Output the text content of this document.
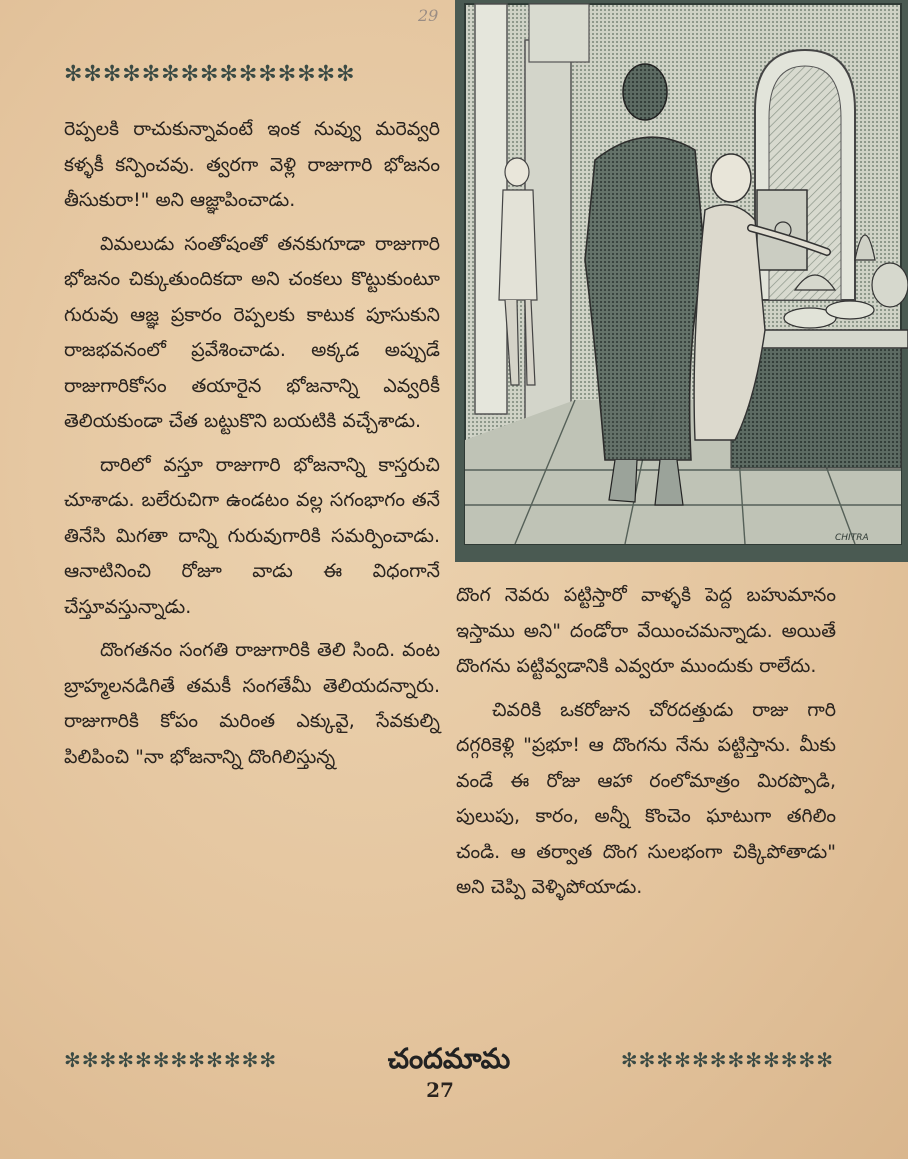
29
✻✻✻✻✻✻✻✻✻✻✻✻✻✻✻

రెప్పలకి రాచుకున్నావంటే ఇంక నువ్వు మరెవ్వరి కళ్ళకీ కన్పించవు. త్వరగా వెళ్లి రాజుగారి భోజనం తీసుకురా!" అని ఆజ్ఞాపించాడు.

విమలుడు సంతోషంతో తనకుగూడా రాజుగారి భోజనం చిక్కుతుందికదా అని చంకలు కొట్టుకుంటూ గురువు ఆజ్ఞ ప్రకారం రెప్పలకు కాటుక పూసుకుని రాజభవనంలో ప్రవేశించాడు. అక్కడ అప్పుడే రాజుగారికోసం తయారైన భోజనాన్ని ఎవ్వరికీ తెలియకుండా చేత బట్టుకొని బయటికి వచ్చేశాడు.

దారిలో వస్తూ రాజుగారి భోజనాన్ని కాస్తరుచి చూశాడు. బలేరుచిగా ఉండటం వల్ల సగంభాగం తనే తినేసి మిగతా దాన్ని గురువుగారికి సమర్పించాడు. ఆనాటినించి రోజూ వాడు ఈ విధంగానే చేస్తూవస్తున్నాడు.

దొంగతనం సంగతి రాజుగారికి తెలి సింది. వంట బ్రాహ్మలనడిగితే తమకీ సంగతేమీ తెలియదన్నారు. రాజుగారికి కోపం మరింత ఎక్కువై, సేవకుల్ని పిలిపించి "నా భోజనాన్ని దొంగిలిస్తున్న

CHITRA

దొంగ నెవరు పట్టిస్తారో వాళ్ళకి పెద్ద బహుమానం ఇస్తాము అని" దండోరా వేయించమన్నాడు. అయితే దొంగను పట్టివ్వడానికి ఎవ్వరూ ముందుకు రాలేదు.

చివరికి ఒకరోజున చోరదత్తుడు రాజు గారి దగ్గరికెళ్లి "ప్రభూ! ఆ దొంగను నేను పట్టిస్తాను. మీకు వండే ఈ రోజు ఆహా రంలోమాత్రం మిరప్పొడి, పులుపు, కారం, అన్నీ కొంచెం ఘాటుగా తగిలిం చండి. ఆ తర్వాత దొంగ సులభంగా చిక్కిపోతాడు" అని చెప్పి వెళ్ళిపోయాడు.

✻✻✻✻✻✻✻✻✻✻✻✻	చందమామ	✻✻✻✻✻✻✻✻✻✻✻✻
27
